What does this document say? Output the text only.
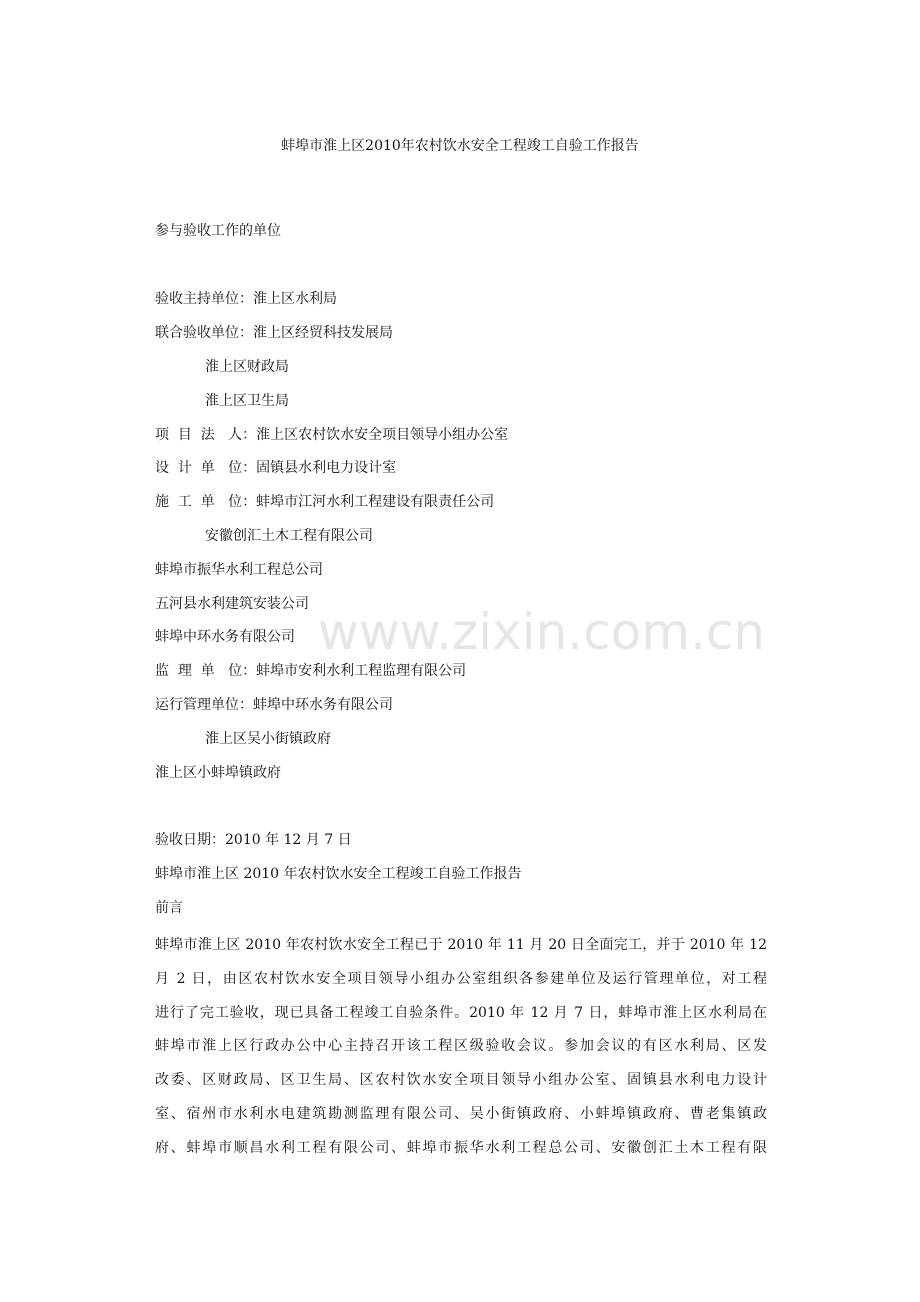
www.zixin.com.cn
蚌埠市淮上区2010年农村饮水安全工程竣工自验工作报告
参与验收工作的单位
验收主持单位：淮上区水利局
联合验收单位：淮上区经贸科技发展局
淮上区财政局
淮上区卫生局
项  目  法   人：淮上区农村饮水安全项目领导小组办公室
设  计  单   位：固镇县水利电力设计室
施  工  单   位：蚌埠市江河水利工程建设有限责任公司
安徽创汇土木工程有限公司
蚌埠市振华水利工程总公司
五河县水利建筑安装公司
蚌埠中环水务有限公司
监  理  单   位：蚌埠市安利水利工程监理有限公司
运行管理单位：蚌埠中环水务有限公司
淮上区吴小街镇政府
淮上区小蚌埠镇政府
验收日期：2010 年 12 月 7 日
蚌埠市淮上区 2010 年农村饮水安全工程竣工自验工作报告
前言
蚌埠市淮上区 2010 年农村饮水安全工程已于 2010 年 11 月 20 日全面完工，并于 2010 年 12
月 2 日，由区农村饮水安全项目领导小组办公室组织各参建单位及运行管理单位，对工程
进行了完工验收，现已具备工程竣工自验条件。2010 年 12 月 7 日，蚌埠市淮上区水利局在
蚌埠市淮上区行政办公中心主持召开该工程区级验收会议。参加会议的有区水利局、区发
改委、区财政局、区卫生局、区农村饮水安全项目领导小组办公室、固镇县水利电力设计
室、宿州市水利水电建筑勘测监理有限公司、吴小街镇政府、小蚌埠镇政府、曹老集镇政
府、蚌埠市顺昌水利工程有限公司、蚌埠市振华水利工程总公司、安徽创汇土木工程有限
